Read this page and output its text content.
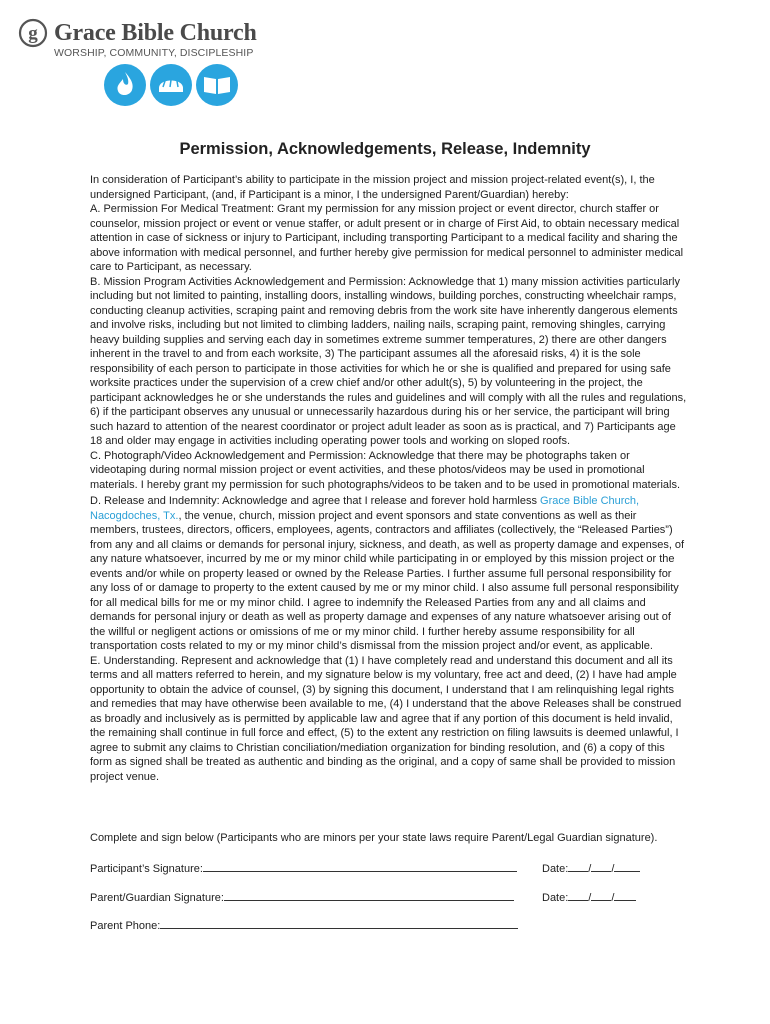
g Grace Bible Church
WORSHIP, COMMUNITY, DISCIPLESHIP
Permission, Acknowledgements, Release, Indemnity

In consideration of Participant’s ability to participate in the mission project and mission project-related event(s), I, the undersigned Participant, (and, if Participant is a minor, I the undersigned Parent/Guardian) hereby:

A. Permission For Medical Treatment: Grant my permission for any mission project or event director, church staffer or counselor, mission project or event or venue staffer, or adult present or in charge of First Aid, to obtain necessary medical attention in case of sickness or injury to Participant, including transporting Participant to a medical facility and sharing the above information with medical personnel, and further hereby give permission for medical personnel to administer medical care to Participant, as necessary.

B. Mission Program Activities Acknowledgement and Permission: Acknowledge that 1) many mission activities particularly including but not limited to painting, installing doors, installing windows, building porches, constructing wheelchair ramps, conducting cleanup activities, scraping paint and removing debris from the work site have inherently dangerous elements and involve risks, including but not limited to climbing ladders, nailing nails, scraping paint, removing shingles, carrying heavy building supplies and serving each day in sometimes extreme summer temperatures, 2) there are other dangers inherent in the travel to and from each worksite, 3) The participant assumes all the aforesaid risks, 4) it is the sole responsibility of each person to participate in those activities for which he or she is qualified and prepared for using safe worksite practices under the supervision of a crew chief and/or other adult(s), 5) by volunteering in the project, the participant acknowledges he or she understands the rules and guidelines and will comply with all the rules and regulations, 6) if the participant observes any unusual or unnecessarily hazardous during his or her service, the participant will bring such hazard to attention of the nearest coordinator or project adult leader as soon as is practical, and 7) Participants age 18 and older may engage in activities including operating power tools and working on sloped roofs.

C. Photograph/Video Acknowledgement and Permission: Acknowledge that there may be photographs taken or videotaping during normal mission project or event activities, and these photos/videos may be used in promotional materials. I hereby grant my permission for such photographs/videos to be taken and to be used in promotional materials.

D. Release and Indemnity: Acknowledge and agree that I release and forever hold harmless Grace Bible Church, Nacogdoches, Tx., the venue, church, mission project and event sponsors and state conventions as well as their members, trustees, directors, officers, employees, agents, contractors and affiliates (collectively, the “Released Parties”) from any and all claims or demands for personal injury, sickness, and death, as well as property damage and expenses, of any nature whatsoever, incurred by me or my minor child while participating in or employed by this mission project or the events and/or while on property leased or owned by the Release Parties. I further assume full personal responsibility for any loss of or damage to property to the extent caused by me or my minor child. I also assume full personal responsibility for all medical bills for me or my minor child. I agree to indemnify the Released Parties from any and all claims and demands for personal injury or death as well as property damage and expenses of any nature whatsoever arising out of the willful or negligent actions or omissions of me or my minor child. I further hereby assume responsibility for all transportation costs related to my or my minor child’s dismissal from the mission project and/or event, as applicable.

E. Understanding. Represent and acknowledge that (1) I have completely read and understand this document and all its terms and all matters referred to herein, and my signature below is my voluntary, free act and deed, (2) I have had ample opportunity to obtain the advice of counsel, (3) by signing this document, I understand that I am relinquishing legal rights and remedies that may have otherwise been available to me, (4) I understand that the above Releases shall be construed as broadly and inclusively as is permitted by applicable law and agree that if any portion of this document is held invalid, the remaining shall continue in full force and effect, (5) to the extent any restriction on filing lawsuits is deemed unlawful, I agree to submit any claims to Christian conciliation/mediation organization for binding resolution, and (6) a copy of this form as signed shall be treated as authentic and binding as the original, and a copy of same shall be provided to mission project venue.

Complete and sign below (Participants who are minors per your state laws require Parent/Legal Guardian signature).
Participant’s Signature:	Date: / /
Parent/Guardian Signature:	Date: / /
Parent Phone:
